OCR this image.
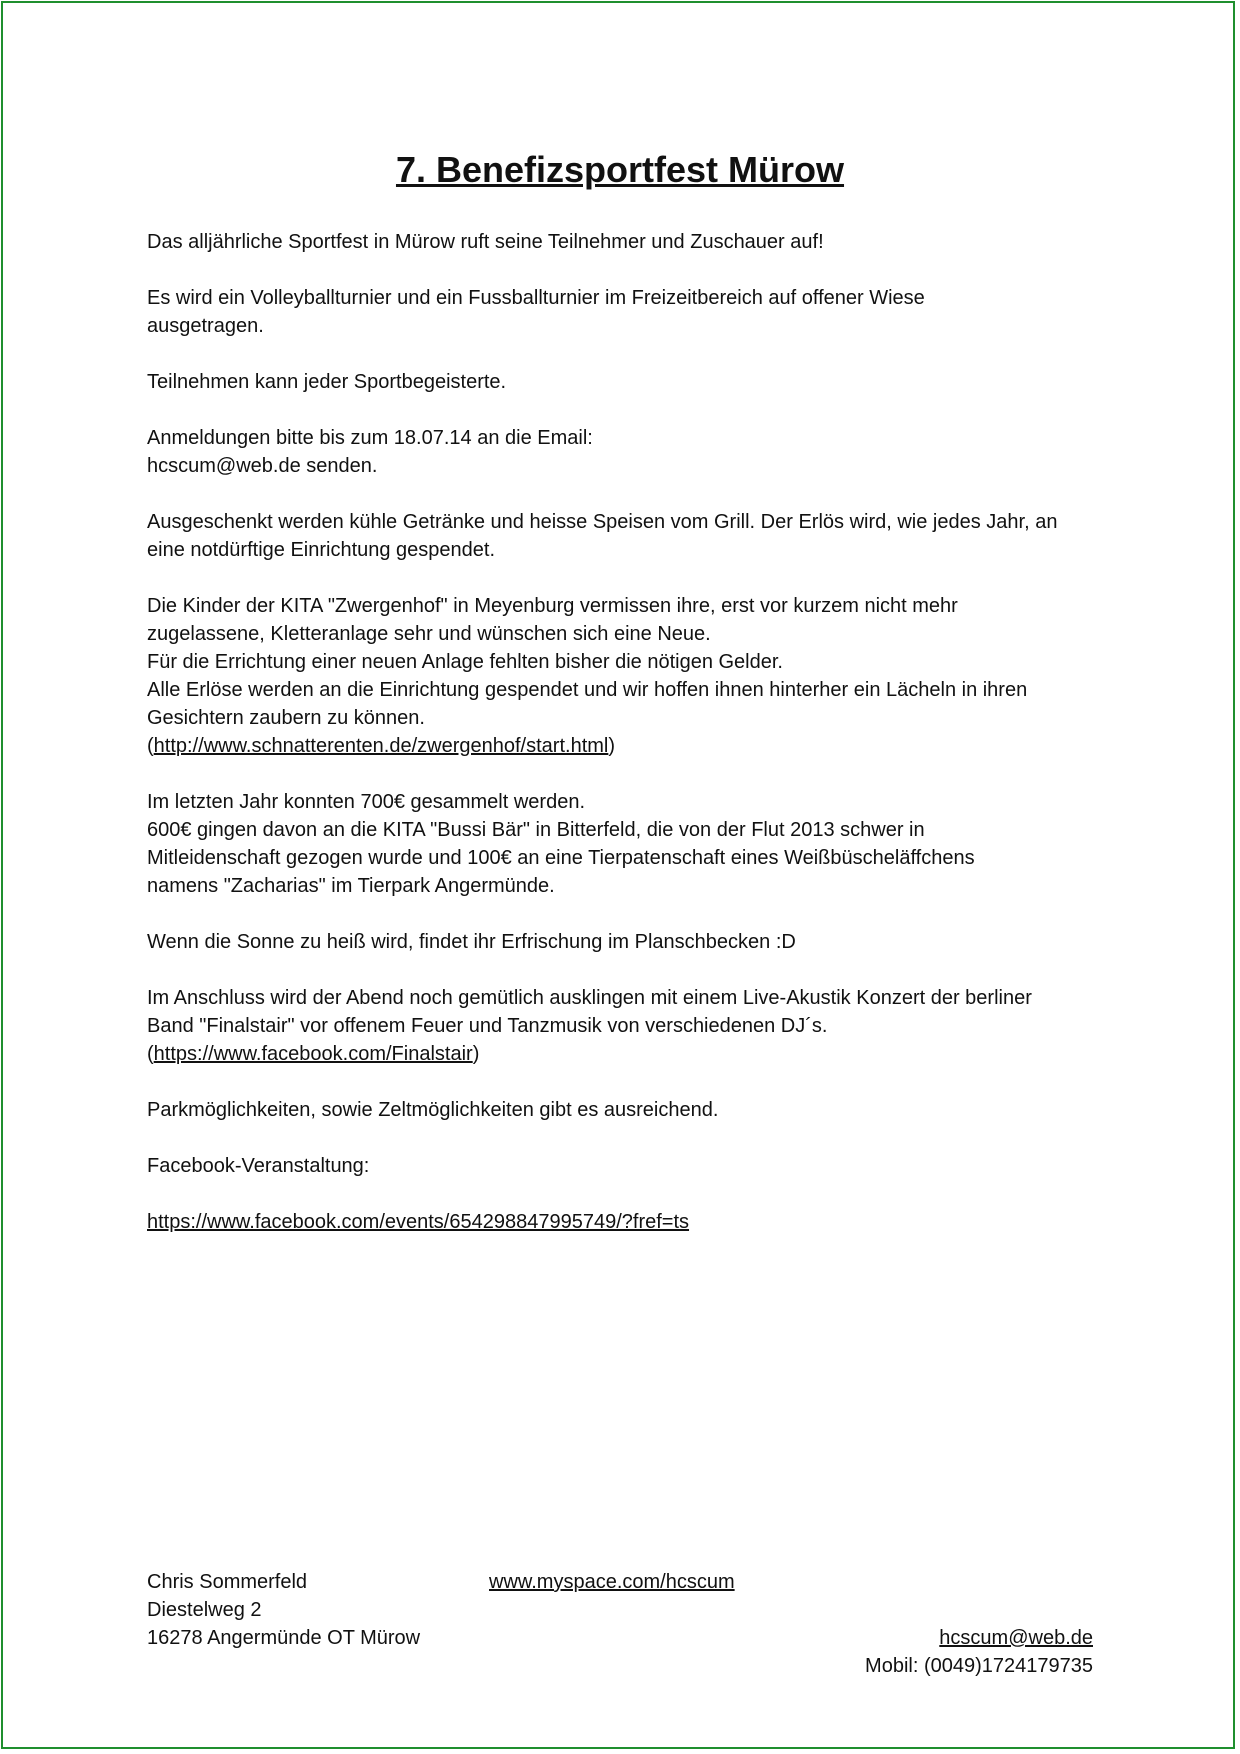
7. Benefizsportfest Mürow

Das alljährliche Sportfest in Mürow ruft seine Teilnehmer und Zuschauer auf!

Es wird ein Volleyballturnier und ein Fussballturnier im Freizeitbereich auf offener Wiese
ausgetragen.

Teilnehmen kann jeder Sportbegeisterte.

Anmeldungen bitte bis zum 18.07.14 an die Email:
hcscum@web.de senden.

Ausgeschenkt werden kühle Getränke und heisse Speisen vom Grill. Der Erlös wird, wie jedes Jahr, an
eine notdürftige Einrichtung gespendet.

Die Kinder der KITA "Zwergenhof" in Meyenburg vermissen ihre, erst vor kurzem nicht mehr
zugelassene, Kletteranlage sehr und wünschen sich eine Neue.
Für die Errichtung einer neuen Anlage fehlten bisher die nötigen Gelder.
Alle Erlöse werden an die Einrichtung gespendet und wir hoffen ihnen hinterher ein Lächeln in ihren
Gesichtern zaubern zu können.
(http://www.schnatterenten.de/zwergenhof/start.html)

Im letzten Jahr konnten 700€ gesammelt werden.
600€ gingen davon an die KITA "Bussi Bär" in Bitterfeld, die von der Flut 2013 schwer in
Mitleidenschaft gezogen wurde und 100€ an eine Tierpatenschaft eines Weißbüscheläffchens
namens "Zacharias" im Tierpark Angermünde.

Wenn die Sonne zu heiß wird, findet ihr Erfrischung im Planschbecken :D

Im Anschluss wird der Abend noch gemütlich ausklingen mit einem Live-Akustik Konzert der berliner
Band "Finalstair" vor offenem Feuer und Tanzmusik von verschiedenen DJ´s.
(https://www.facebook.com/Finalstair)

Parkmöglichkeiten, sowie Zeltmöglichkeiten gibt es ausreichend.

Facebook-Veranstaltung:

https://www.facebook.com/events/654298847995749/?fref=ts

Chris Sommerfeld
Diestelweg 2
16278 Angermünde OT Mürow
www.myspace.com/hcscum
hcscum@web.de
Mobil: (0049)1724179735
